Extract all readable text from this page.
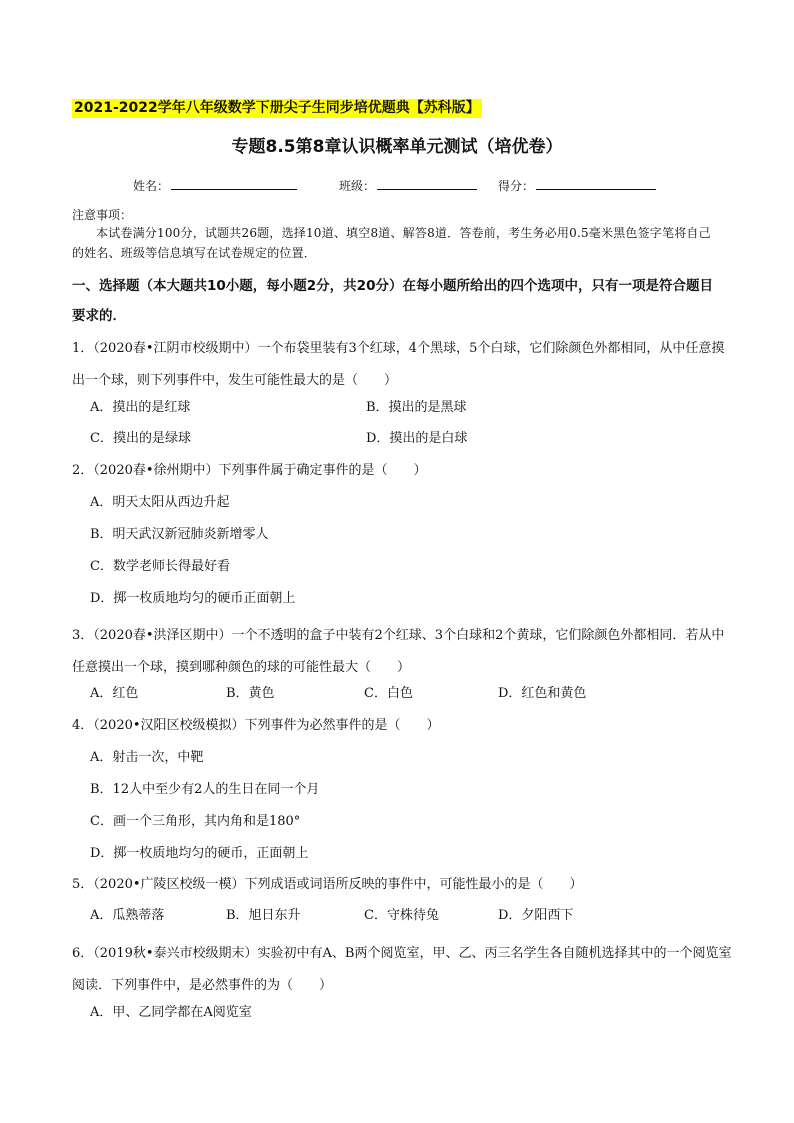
2021-2022学年八年级数学下册尖子生同步培优题典【苏科版】
专题8.5第8章认识概率单元测试（培优卷）
姓名：	班级：	得分：
注意事项：
本试卷满分100分，试题共26题，选择10道、填空8道、解答8道．答卷前，考生务必用0.5毫米黑色签字笔将自己的姓名、班级等信息填写在试卷规定的位置．
一、选择题（本大题共10小题，每小题2分，共20分）在每小题所给出的四个选项中，只有一项是符合题目要求的．
1．（2020春•江阴市校级期中）一个布袋里装有3个红球，4个黑球，5个白球，它们除颜色外都相同，从中任意摸出一个球，则下列事件中，发生可能性最大的是（　　）
A．摸出的是红球	B．摸出的是黑球
C．摸出的是绿球	D．摸出的是白球
2．（2020春•徐州期中）下列事件属于确定事件的是（　　）
A．明天太阳从西边升起
B．明天武汉新冠肺炎新增零人
C．数学老师长得最好看
D．掷一枚质地均匀的硬币正面朝上
3．（2020春•洪泽区期中）一个不透明的盒子中装有2个红球、3个白球和2个黄球，它们除颜色外都相同．若从中任意摸出一个球，摸到哪种颜色的球的可能性最大（　　）
A．红色	B．黄色	C．白色	D．红色和黄色
4．（2020•汉阳区校级模拟）下列事件为必然事件的是（　　）
A．射击一次，中靶
B．12人中至少有2人的生日在同一个月
C．画一个三角形，其内角和是180°
D．掷一枚质地均匀的硬币，正面朝上
5．（2020•广陵区校级一模）下列成语或词语所反映的事件中，可能性最小的是（　　）
A．瓜熟蒂落	B．旭日东升	C．守株待兔	D．夕阳西下
6．（2019秋•泰兴市校级期末）实验初中有A、B两个阅览室，甲、乙、丙三名学生各自随机选择其中的一个阅览室阅读．下列事件中，是必然事件的为（　　）
A．甲、乙同学都在A阅览室
